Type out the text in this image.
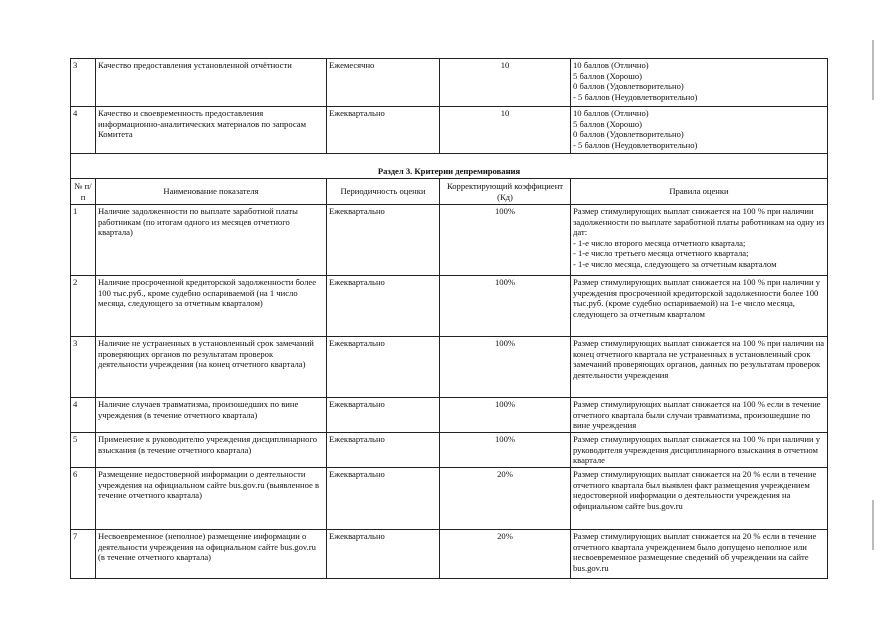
3	Качество предоставления установленной отчётности	Ежемесячно	10	10 баллов (Отлично)
5 баллов (Хорошо)
0 баллов (Удовлетворительно)
- 5 баллов (Неудовлетворительно)
4	Качество и своевременность предоставления информационно-аналитических материалов по запросам Комитета	Ежеквартально	10	10 баллов (Отлично)
5 баллов (Хорошо)
0 баллов (Удовлетворительно)
- 5 баллов (Неудовлетворительно)
Раздел 3. Критерии депремирования				
№ п/п	Наименование показателя	Периодичность оценки	Корректирующий коэффициент (Кд)	Правила оценки
1	Наличие задолженности по выплате заработной платы работникам (по итогам одного из месяцев отчетного квартала)	Ежеквартально	100%	Размер стимулирующих выплат снижается на 100 % при наличии задолженности по выплате заработной платы работникам на одну из дат:
- 1-е число второго месяца отчетного квартала;
- 1-е число третьего месяца отчетного квартала;
- 1-е число месяца, следующего за отчетным кварталом
2	Наличие просроченной кредиторской задолженности более 100 тыс.руб., кроме судебно оспариваемой (на 1 число месяца, следующего за отчетным кварталом)	Ежеквартально	100%	Размер стимулирующих выплат снижается на 100 % при наличии у учреждения просроченной кредиторской задолженности более 100 тыс.руб. (кроме судебно оспариваемой) на 1-е число месяца, следующего за отчетным кварталом
3	Наличие не устраненных в установленный срок замечаний проверяющих органов по результатам проверок деятельности учреждения (на конец отчетного квартала)	Ежеквартально	100%	Размер стимулирующих выплат снижается на 100 % при наличии на конец отчетного квартала не устраненных в установленный срок замечаний проверяющих органов, данных по результатам проверок деятельности учреждения
4	Наличие случаев травматизма, произошедших по вине учреждения (в течение отчетного квартала)	Ежеквартально	100%	Размер стимулирующих выплат снижается на 100 % если в течение отчетного квартала были случаи травматизма, произошедшие по вине учреждения
5	Применение к руководителю учреждения дисциплинарного взыскания (в течение отчетного квартала)	Ежеквартально	100%	Размер стимулирующих выплат снижается на 100 % при наличии у руководителя учреждения дисциплинарного взыскания в отчетном квартале
6	Размещение недостоверной информации о деятельности учреждения на официальном сайте bus.gov.ru (выявленное в течение отчетного квартала)	Ежеквартально	20%	Размер стимулирующих выплат снижается на 20 % если в течение отчетного квартала был выявлен факт размещения учреждением недостоверной информации о деятельности учреждения на официальном сайте bus.gov.ru
7	Несвоевременное (неполное) размещение информации о деятельности учреждения на официальном сайте bus.gov.ru (в течение отчетного квартала)	Ежеквартально	20%	Размер стимулирующих выплат снижается на 20 % если в течение отчетного квартала учреждением было допущено неполное или несвоевременное размещение сведений об учреждении на сайте bus.gov.ru
